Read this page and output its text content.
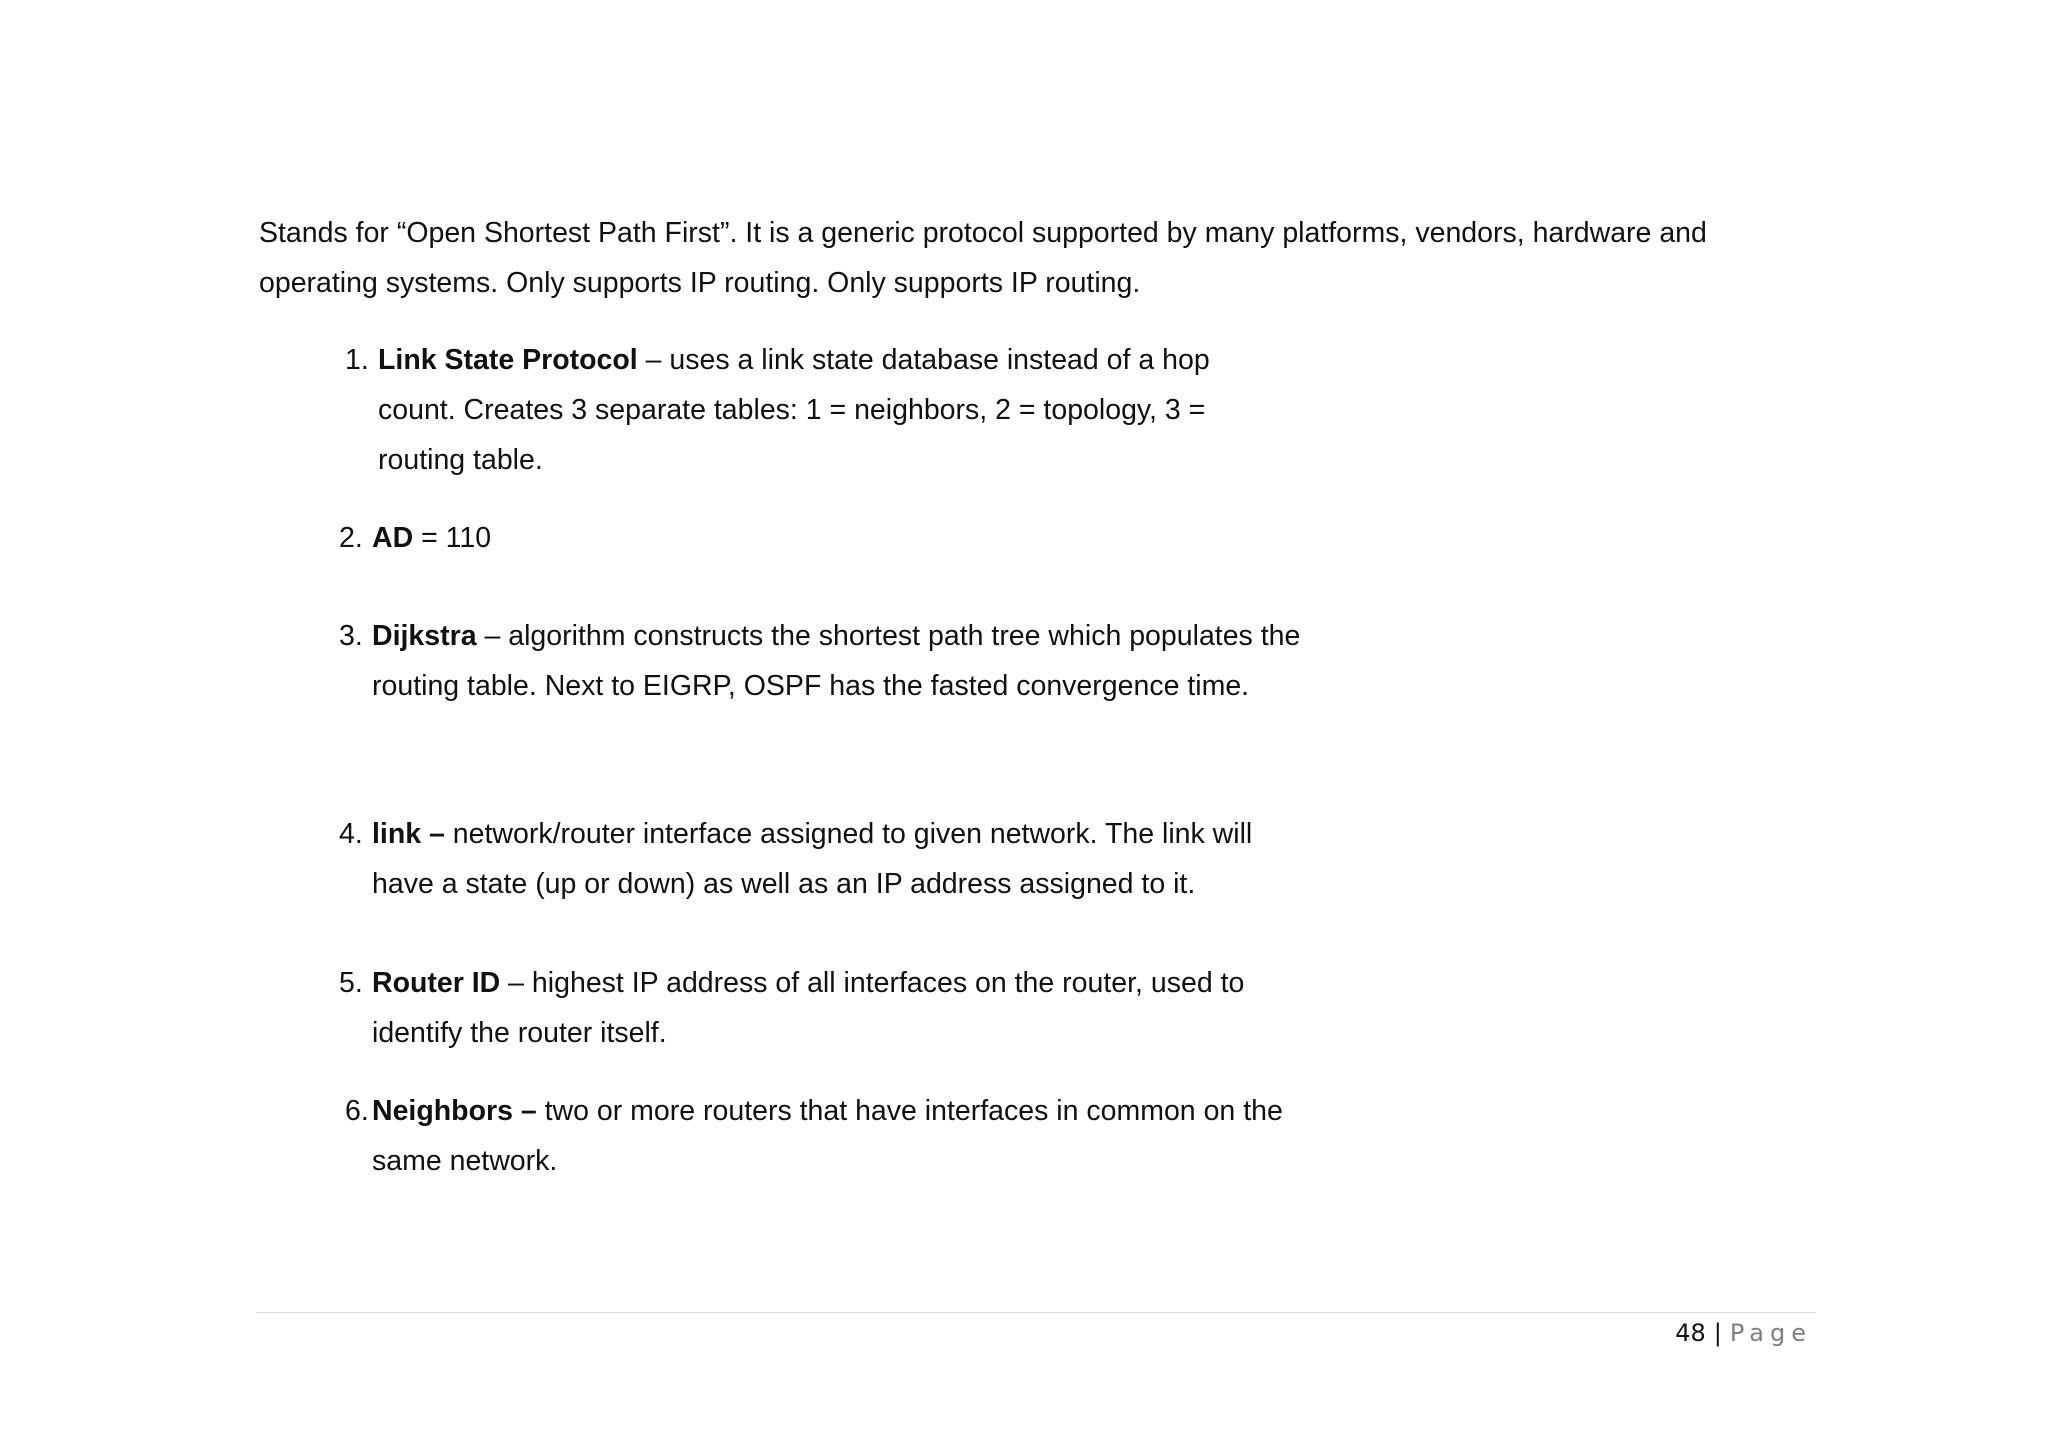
Stands for “Open Shortest Path First”. It is a generic protocol supported by many platforms, vendors, hardware and operating systems. Only supports IP routing. Only supports IP routing.

1. Link State Protocol – uses a link state database instead of a hop count. Creates 3 separate tables: 1 = neighbors, 2 = topology, 3 = routing table.
2. AD = 110
3. Dijkstra – algorithm constructs the shortest path tree which populates the routing table. Next to EIGRP, OSPF has the fasted convergence time.
4. link – network/router interface assigned to given network. The link will have a state (up or down) as well as an IP address assigned to it.
5. Router ID – highest IP address of all interfaces on the router, used to identify the router itself.
6. Neighbors – two or more routers that have interfaces in common on the same network.
48 | Page
